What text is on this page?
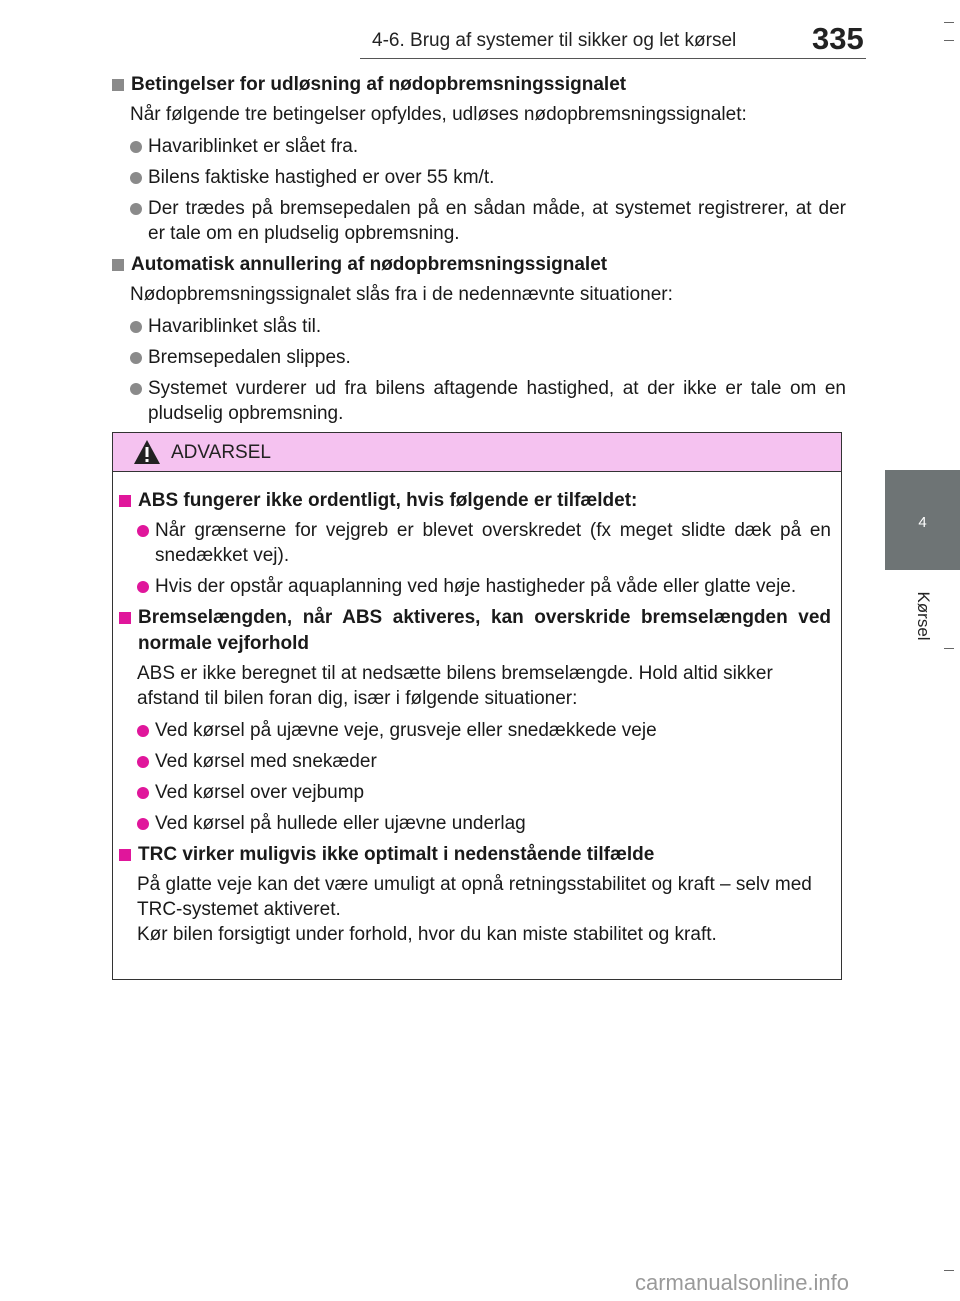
4-6. Brug af systemer til sikker og let kørsel 335
4
Kørsel
Betingelser for udløsning af nødopbremsningssignalet

Når følgende tre betingelser opfyldes, udløses nødopbremsningssignalet:

Havariblinket er slået fra.
Bilens faktiske hastighed er over 55 km/t.
Der trædes på bremsepedalen på en sådan måde, at systemet registrerer, at der er tale om en pludselig opbremsning.
Automatisk annullering af nødopbremsningssignalet

Nødopbremsningssignalet slås fra i de nedennævnte situationer:

Havariblinket slås til.
Bremsepedalen slippes.
Systemet vurderer ud fra bilens aftagende hastighed, at der ikke er tale om en pludselig opbremsning.
ADVARSEL
ABS fungerer ikke ordentligt, hvis følgende er tilfældet:
Når grænserne for vejgreb er blevet overskredet (fx meget slidte dæk på en snedækket vej).
Hvis der opstår aquaplanning ved høje hastigheder på våde eller glatte veje.
Bremselængden, når ABS aktiveres, kan overskride bremselængden ved normale vejforhold

ABS er ikke beregnet til at nedsætte bilens bremselængde. Hold altid sikker afstand til bilen foran dig, især i følgende situationer:

Ved kørsel på ujævne veje, grusveje eller snedækkede veje
Ved kørsel med snekæder
Ved kørsel over vejbump
Ved kørsel på hullede eller ujævne underlag
TRC virker muligvis ikke optimalt i nedenstående tilfælde

På glatte veje kan det være umuligt at opnå retningsstabilitet og kraft – selv med TRC-systemet aktiveret.

Kør bilen forsigtigt under forhold, hvor du kan miste stabilitet og kraft.

carmanualsonline.info
